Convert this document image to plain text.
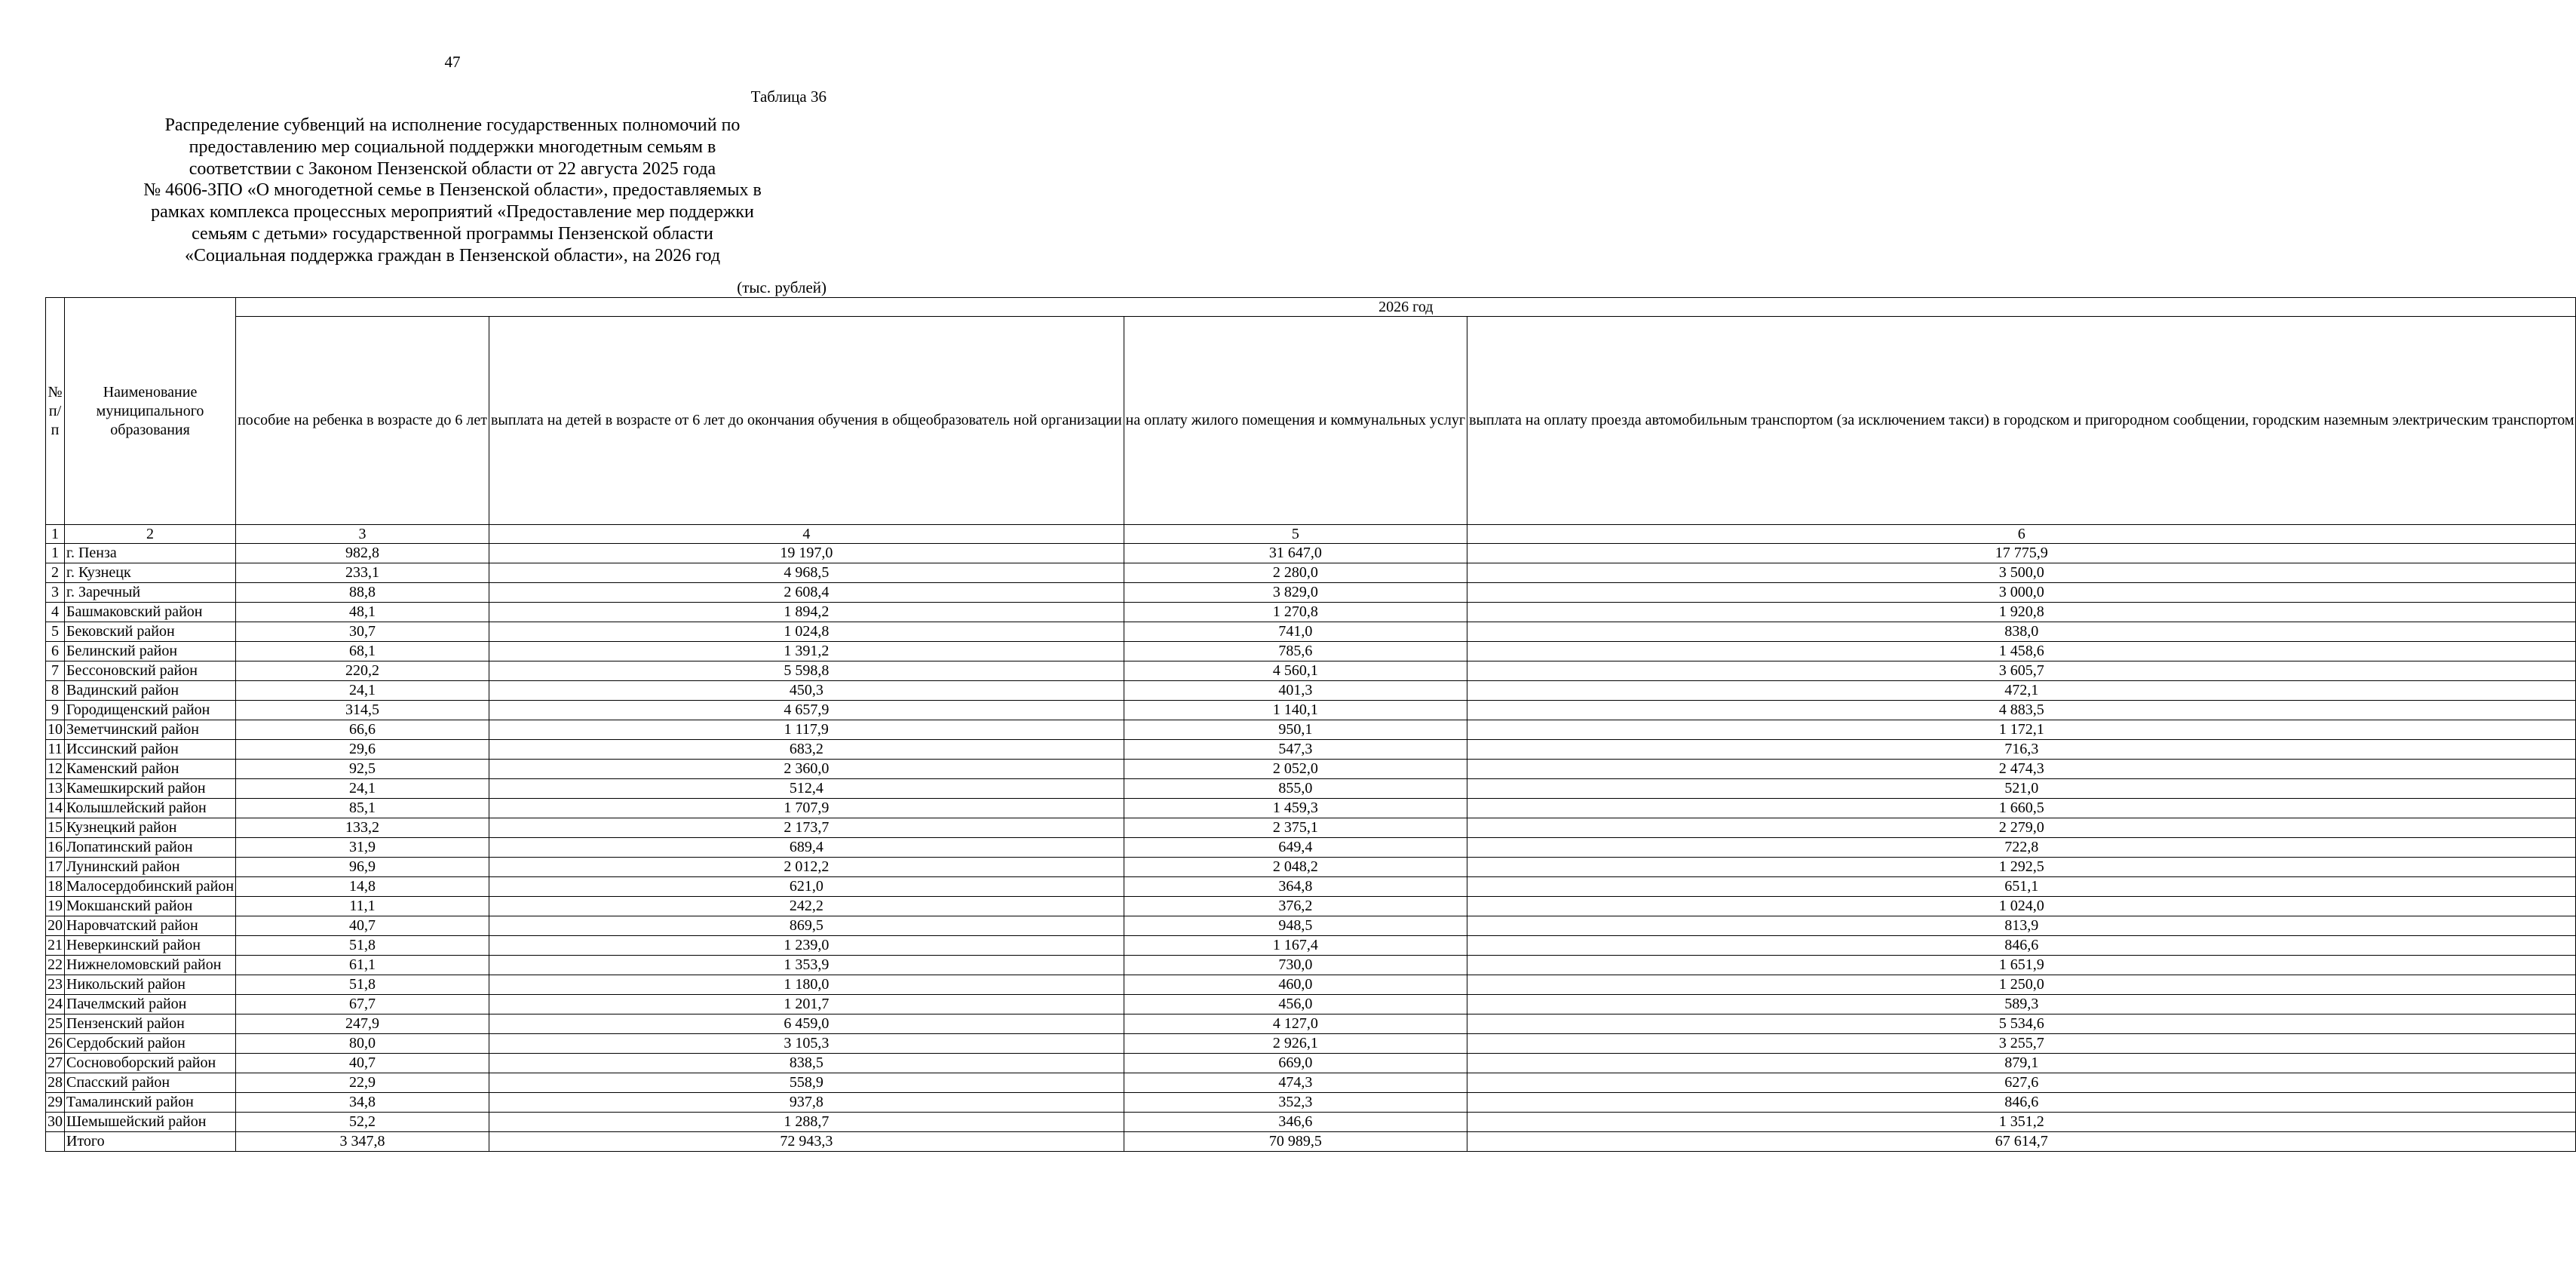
47
Таблица 36
Распределение субвенций на исполнение государственных полномочий по
предоставлению мер социальной поддержки многодетным семьям в
соответствии с Законом Пензенской области от 22 августа 2025 года
№ 4606-ЗПО «О многодетной семье в Пензенской области», предоставляемых в
рамках комплекса процессных мероприятий «Предоставление мер поддержки
семьям с детьми» государственной программы Пензенской области
«Социальная поддержка граждан в Пензенской области», на 2026 год
(тыс. рублей)
№ п/п	Наименование муниципального образования	2026 год			
		пособие на ребенка в возрасте до 6 лет	выплата на детей в возрасте от 6 лет до окончания обучения в общеобразователь ной организации	на оплату жилого помещения и коммунальных услуг	выплата на оплату проезда автомобильным транспортом (за исключением такси) в городском и пригородном сообщении, городским наземным электрическим транспортом
1	2	3	4	5	6
1	г. Пенза	982,8	19 197,0	31 647,0	17 775,9
2	г. Кузнецк	233,1	4 968,5	2 280,0	3 500,0
3	г. Заречный	88,8	2 608,4	3 829,0	3 000,0
4	Башмаковский район	48,1	1 894,2	1 270,8	1 920,8
5	Бековский район	30,7	1 024,8	741,0	838,0
6	Белинский район	68,1	1 391,2	785,6	1 458,6
7	Бессоновский район	220,2	5 598,8	4 560,1	3 605,7
8	Вадинский район	24,1	450,3	401,3	472,1
9	Городищенский район	314,5	4 657,9	1 140,1	4 883,5
10	Земетчинский район	66,6	1 117,9	950,1	1 172,1
11	Иссинский район	29,6	683,2	547,3	716,3
12	Каменский район	92,5	2 360,0	2 052,0	2 474,3
13	Камешкирский район	24,1	512,4	855,0	521,0
14	Колышлейский район	85,1	1 707,9	1 459,3	1 660,5
15	Кузнецкий район	133,2	2 173,7	2 375,1	2 279,0
16	Лопатинский район	31,9	689,4	649,4	722,8
17	Лунинский район	96,9	2 012,2	2 048,2	1 292,5
18	Малосердобинский район	14,8	621,0	364,8	651,1
19	Мокшанский район	11,1	242,2	376,2	1 024,0
20	Наровчатский район	40,7	869,5	948,5	813,9
21	Неверкинский район	51,8	1 239,0	1 167,4	846,6
22	Нижнеломовский район	61,1	1 353,9	730,0	1 651,9
23	Никольский район	51,8	1 180,0	460,0	1 250,0
24	Пачелмский район	67,7	1 201,7	456,0	589,3
25	Пензенский район	247,9	6 459,0	4 127,0	5 534,6
26	Сердобский район	80,0	3 105,3	2 926,1	3 255,7
27	Сосновоборский район	40,7	838,5	669,0	879,1
28	Спасский район	22,9	558,9	474,3	627,6
29	Тамалинский район	34,8	937,8	352,3	846,6
30	Шемышейский район	52,2	1 288,7	346,6	1 351,2
	Итого	3 347,8	72 943,3	70 989,5	67 614,7
